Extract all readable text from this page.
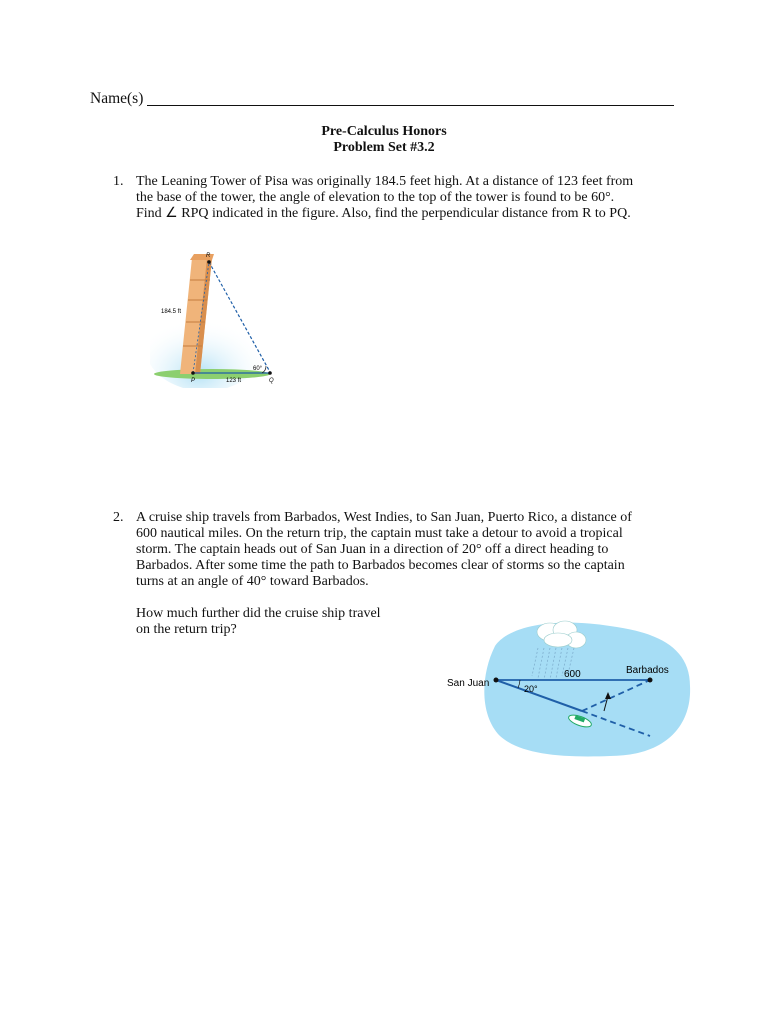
Name(s)
Pre-Calculus Honors
Problem Set #3.2
1. The Leaning Tower of Pisa was originally 184.5 feet high. At a distance of 123 feet from
the base of the tower, the angle of elevation to the top of the tower is found to be 60°.
Find ∠ RPQ indicated in the figure. Also, find the perpendicular distance from R to PQ.
R
P	Q
184.5 ft
123 ft
60°
2. A cruise ship travels from Barbados, West Indies, to San Juan, Puerto Rico, a distance of
600 nautical miles. On the return trip, the captain must take a detour to avoid a tropical
storm. The captain heads out of San Juan in a direction of 20° off a direct heading to
Barbados. After some time the path to Barbados becomes clear of storms so the captain
turns at an angle of 40° toward Barbados.
How much further did the cruise ship travel
on the return trip?
San Juan
Barbados
600
20°
